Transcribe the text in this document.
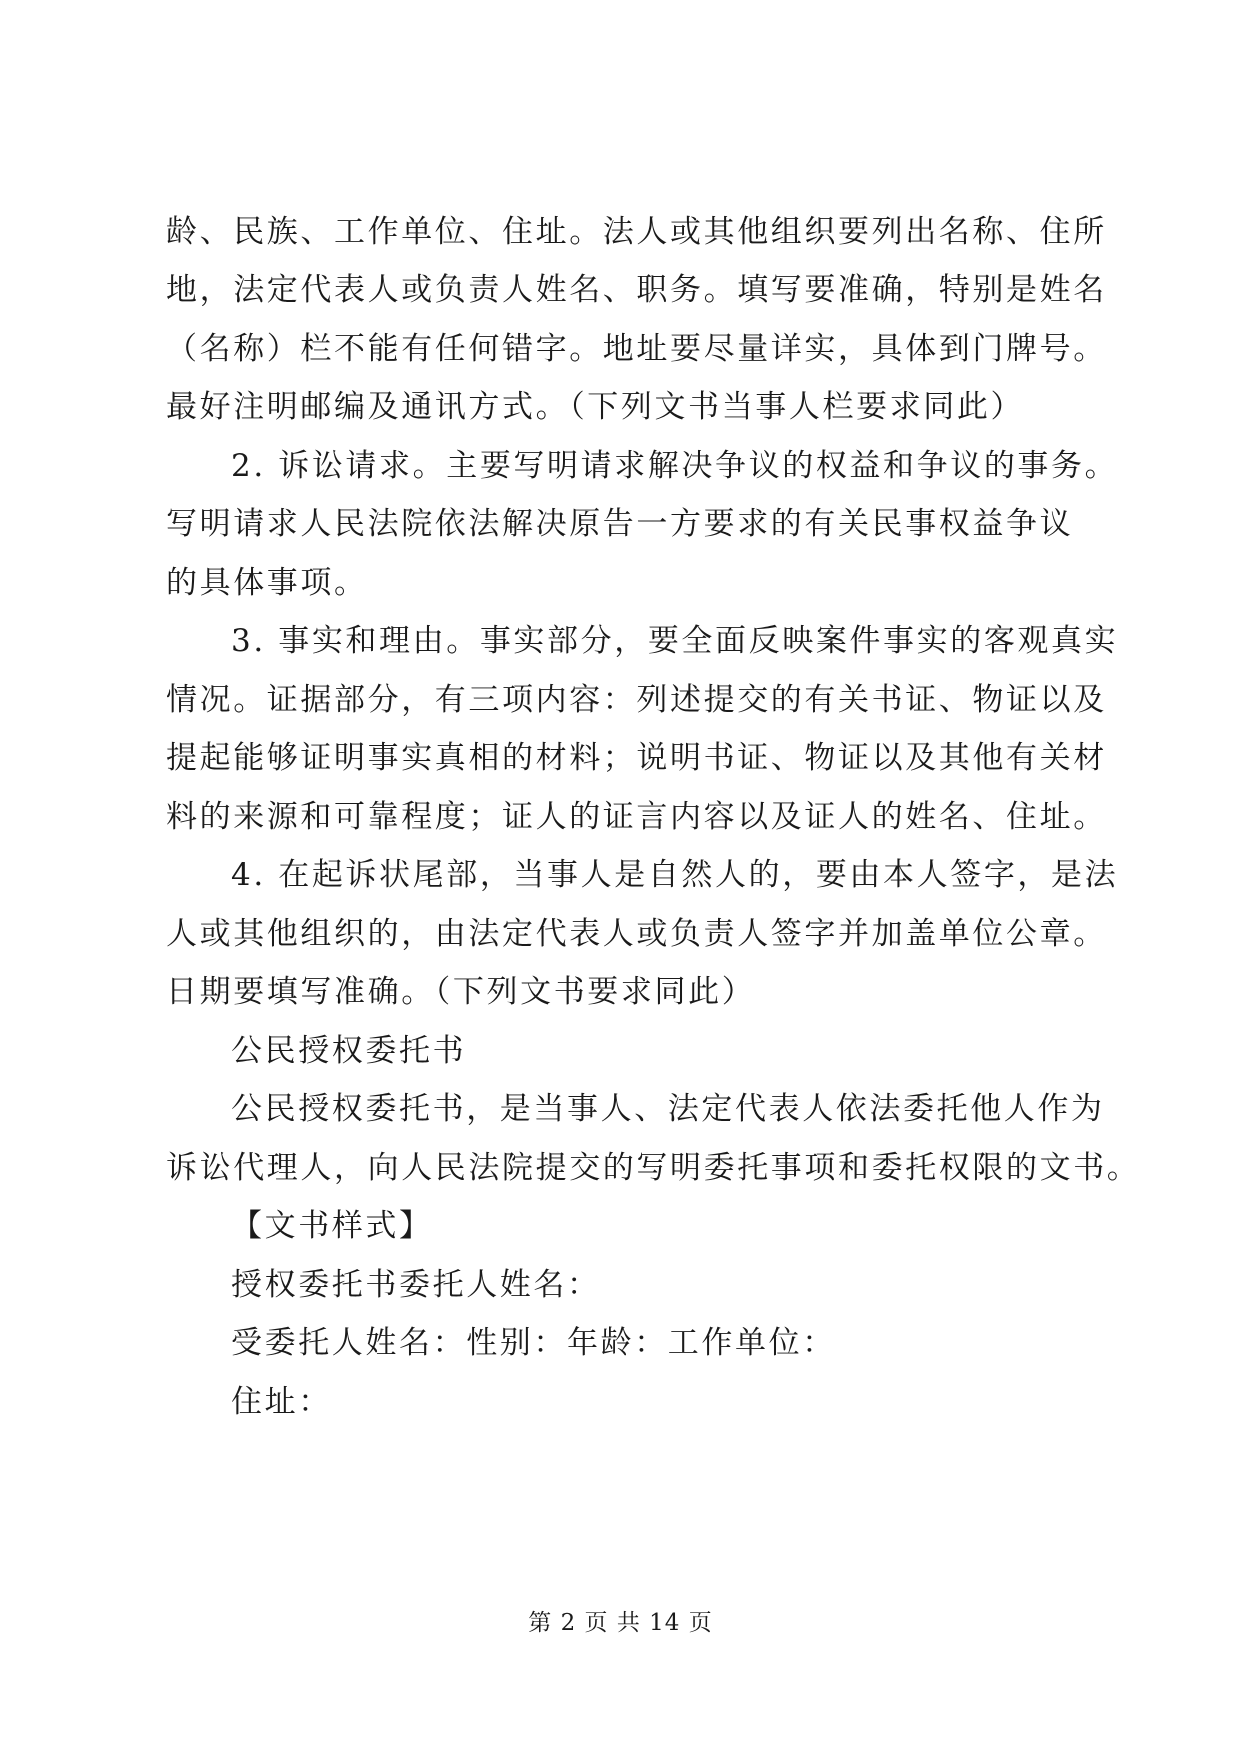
龄、民族、工作单位、住址。法人或其他组织要列出名称、住所
地，法定代表人或负责人姓名、职务。填写要准确，特别是姓名
（名称）栏不能有任何错字。地址要尽量详实，具体到门牌号。
最好注明邮编及通讯方式。（下列文书当事人栏要求同此）
2. 诉讼请求。主要写明请求解决争议的权益和争议的事务。
写明请求人民法院依法解决原告一方要求的有关民事权益争议
的具体事项。
3. 事实和理由。事实部分，要全面反映案件事实的客观真实
情况。证据部分，有三项内容：列述提交的有关书证、物证以及
提起能够证明事实真相的材料；说明书证、物证以及其他有关材
料的来源和可靠程度；证人的证言内容以及证人的姓名、住址。
4. 在起诉状尾部，当事人是自然人的，要由本人签字，是法
人或其他组织的，由法定代表人或负责人签字并加盖单位公章。
日期要填写准确。（下列文书要求同此）
公民授权委托书
公民授权委托书，是当事人、法定代表人依法委托他人作为
诉讼代理人，向人民法院提交的写明委托事项和委托权限的文书。
【文书样式】
授权委托书委托人姓名：
受委托人姓名：性别：年龄：工作单位：
住址：
第 2 页 共 14 页
